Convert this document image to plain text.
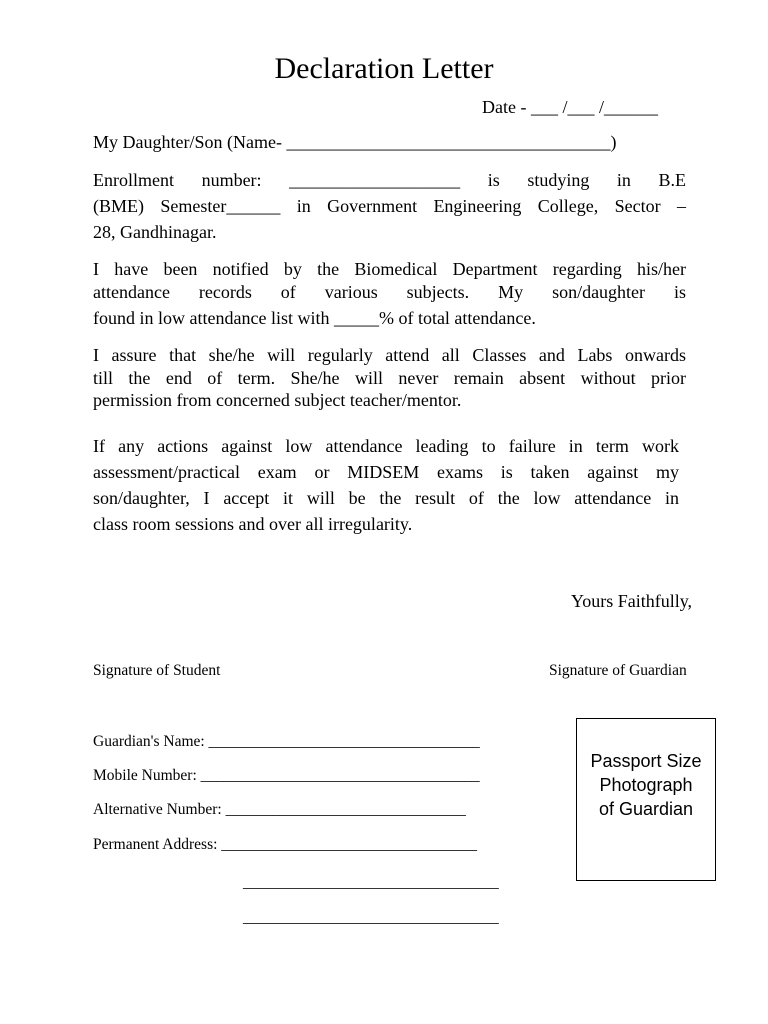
Declaration Letter
Date - ___ /___ /______
My Daughter/Son (Name- ____________________________________)
Enrollment number: ___________________ is studying in B.E
(BME) Semester______ in Government Engineering College, Sector –
28, Gandhinagar.
I have been notified by the Biomedical Department regarding his/her
attendance records of various subjects. My son/daughter is
found in low attendance list with _____% of total attendance.
I assure that she/he will regularly attend all Classes and Labs onwards
till the end of term. She/he will never remain absent without prior
permission from concerned subject teacher/mentor.
If any actions against low attendance leading to failure in term work
assessment/practical exam or MIDSEM exams is taken against my
son/daughter, I accept it will be the result of the low attendance in
class room sessions and over all irregularity.
Yours Faithfully,
Signature of Student	Signature of Guardian
Guardian's Name: ___________________________________
Mobile Number: ____________________________________
Alternative Number: _______________________________
Permanent Address: _________________________________
_________________________________
_________________________________
Passport Size
Photograph
of Guardian
